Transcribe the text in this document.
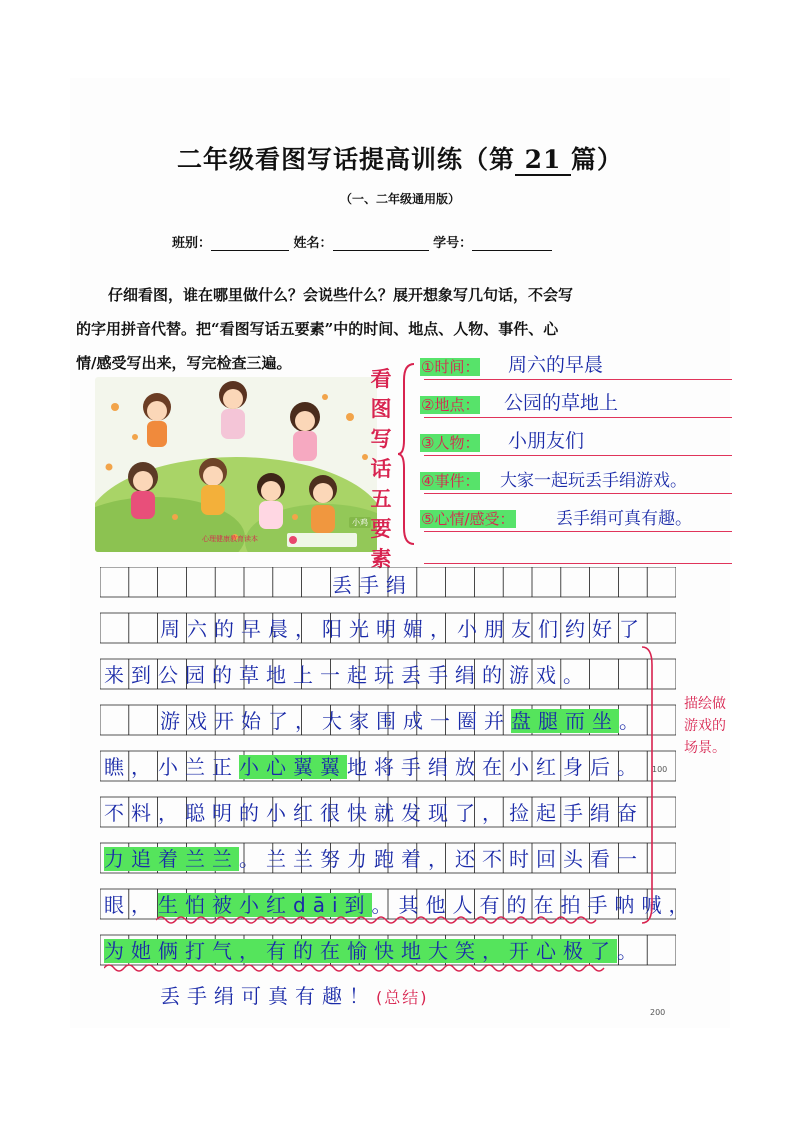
二年级看图写话提高训练（第 21 篇）
（一、二年级通用版）
班别：	姓名：	学号：

仔细看图，谁在哪里做什么？会说些什么？展开想象写几句话，不会写

的字用拼音代替。把“看图写话五要素”中的时间、地点、人物、事件、心

情/感受写出来，写完检查三遍。

小鸡
心理健康教育读本
看
图
写
话
五
要
素
①时间： 周六的早晨
②地点： 公园的草地上
③人物： 小朋友们
④事件： 大家一起玩丢手绢游戏。
⑤心情/感受： 丢手绢可真有趣。
丢手绢
周六的早晨，阳光明媚，小朋友们约好了
来到公园的草地上一起玩丢手绢的游戏。
游戏开始了，大家围成一圈并盘腿而坐。
瞧，小兰正小心翼翼地将手绢放在小红身后。
不料，聪明的小红很快就发现了，捡起手绢奋
力追着兰兰。兰兰努力跑着，还不时回头看一
眼，生怕被小红dāi到。其他人有的在拍手呐喊，
为她俩打气，有的在愉快地大笑，开心极了。
100
丢手绢可真有趣！(总结)
描绘做游戏的场景。
200
